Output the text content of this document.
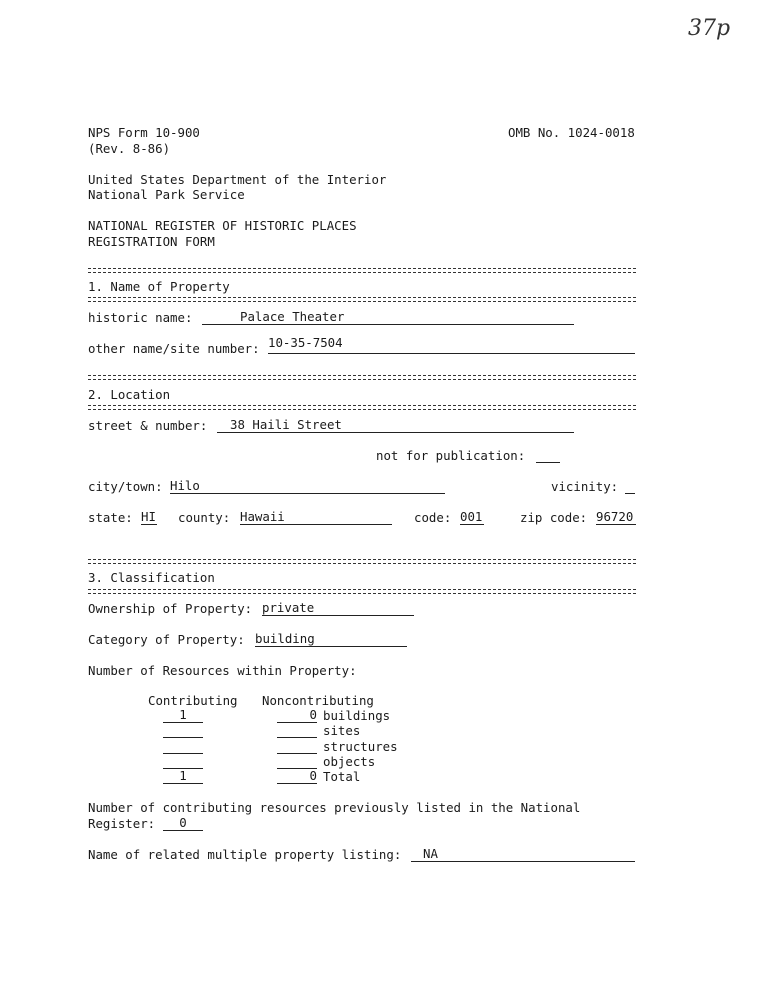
37p
NPS Form 10-900
(Rev. 8-86)
OMB No. 1024-0018
United States Department of the Interior
National Park Service
NATIONAL REGISTER OF HISTORIC PLACES
REGISTRATION FORM
1. Name of Property
historic name:	Palace Theater
other name/site number: 10-35-7504
2. Location
street & number:	38 Haili Street
not for publication:
city/town: Hilo	vicinity:
state: HI county: Hawaii	code: 001	zip code: 96720
3. Classification
Ownership of Property: private
Category of Property: building
Number of Resources within Property:
Contributing Noncontributing
1	0 buildings
sites
structures
objects
1	0 Total
Number of contributing resources previously listed in the National
Register:	0
Name of related multiple property listing:	NA
